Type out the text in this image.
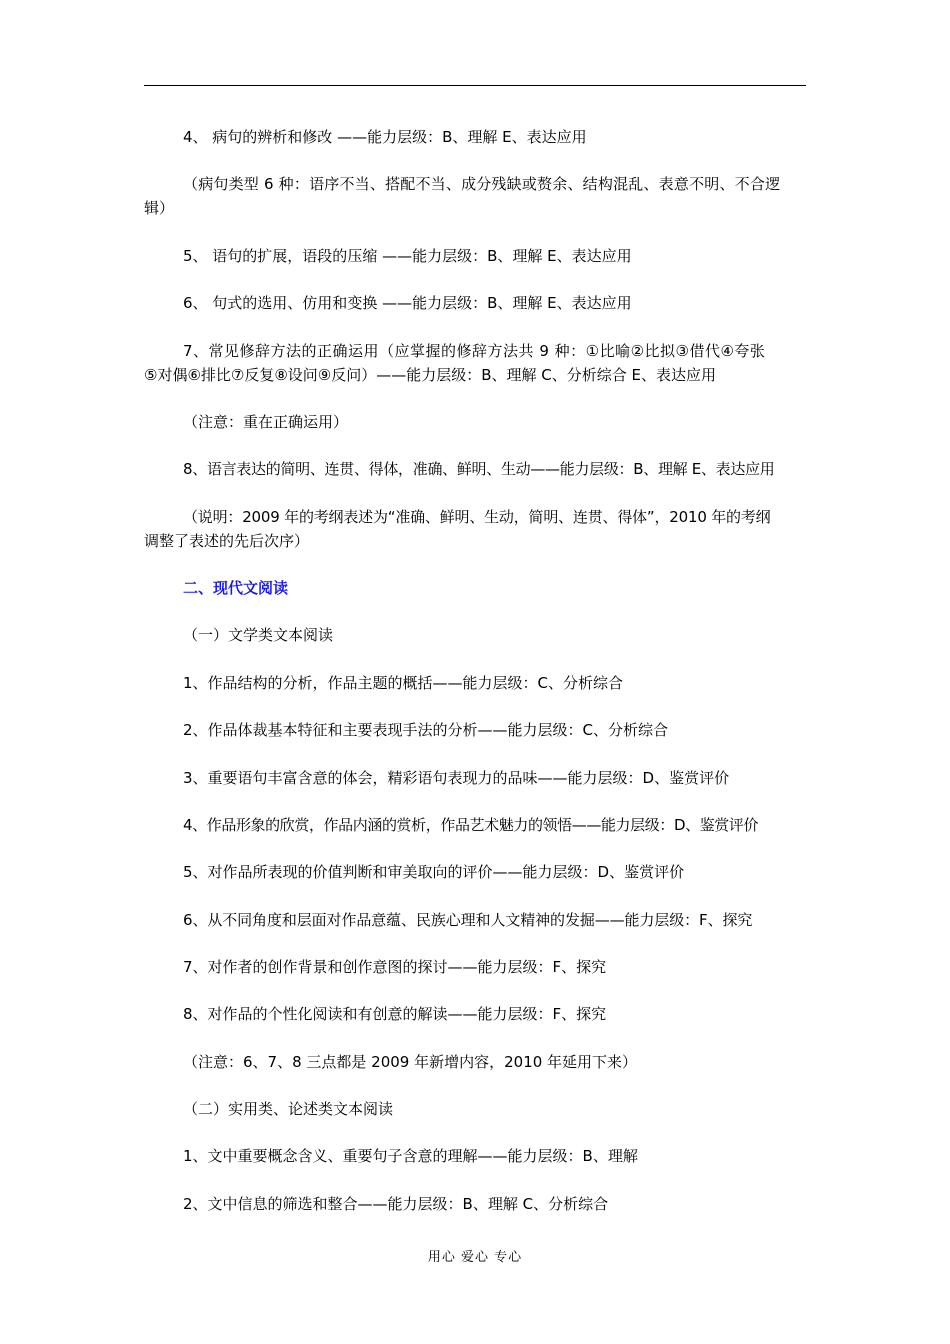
4、 病句的辨析和修改 ——能力层级：B、理解 E、表达应用
（病句类型 6 种：语序不当、搭配不当、成分残缺或赘余、结构混乱、表意不明、不合逻
辑）
5、 语句的扩展，语段的压缩 ——能力层级：B、理解 E、表达应用
6、 句式的选用、仿用和变换 ——能力层级：B、理解 E、表达应用
7、常见修辞方法的正确运用（应掌握的修辞方法共 9 种：①比喻②比拟③借代④夸张
⑤对偶⑥排比⑦反复⑧设问⑨反问）——能力层级：B、理解 C、分析综合 E、表达应用
（注意：重在正确运用）
8、语言表达的简明、连贯、得体，准确、鲜明、生动——能力层级：B、理解 E、表达应用
（说明：2009 年的考纲表述为“准确、鲜明、生动，简明、连贯、得体”，2010 年的考纲
调整了表述的先后次序）
二、现代文阅读
（一）文学类文本阅读
1、作品结构的分析，作品主题的概括——能力层级：C、分析综合
2、作品体裁基本特征和主要表现手法的分析——能力层级：C、分析综合
3、重要语句丰富含意的体会，精彩语句表现力的品味——能力层级：D、鉴赏评价
4、作品形象的欣赏，作品内涵的赏析，作品艺术魅力的领悟——能力层级：D、鉴赏评价
5、对作品所表现的价值判断和审美取向的评价——能力层级：D、鉴赏评价
6、从不同角度和层面对作品意蕴、民族心理和人文精神的发掘——能力层级：F、探究
7、对作者的创作背景和创作意图的探讨——能力层级：F、探究
8、对作品的个性化阅读和有创意的解读——能力层级：F、探究
（注意：6、7、8 三点都是 2009 年新增内容，2010 年延用下来）
（二）实用类、论述类文本阅读
1、文中重要概念含义、重要句子含意的理解——能力层级：B、理解
2、文中信息的筛选和整合——能力层级：B、理解 C、分析综合
用心 爱心 专心
